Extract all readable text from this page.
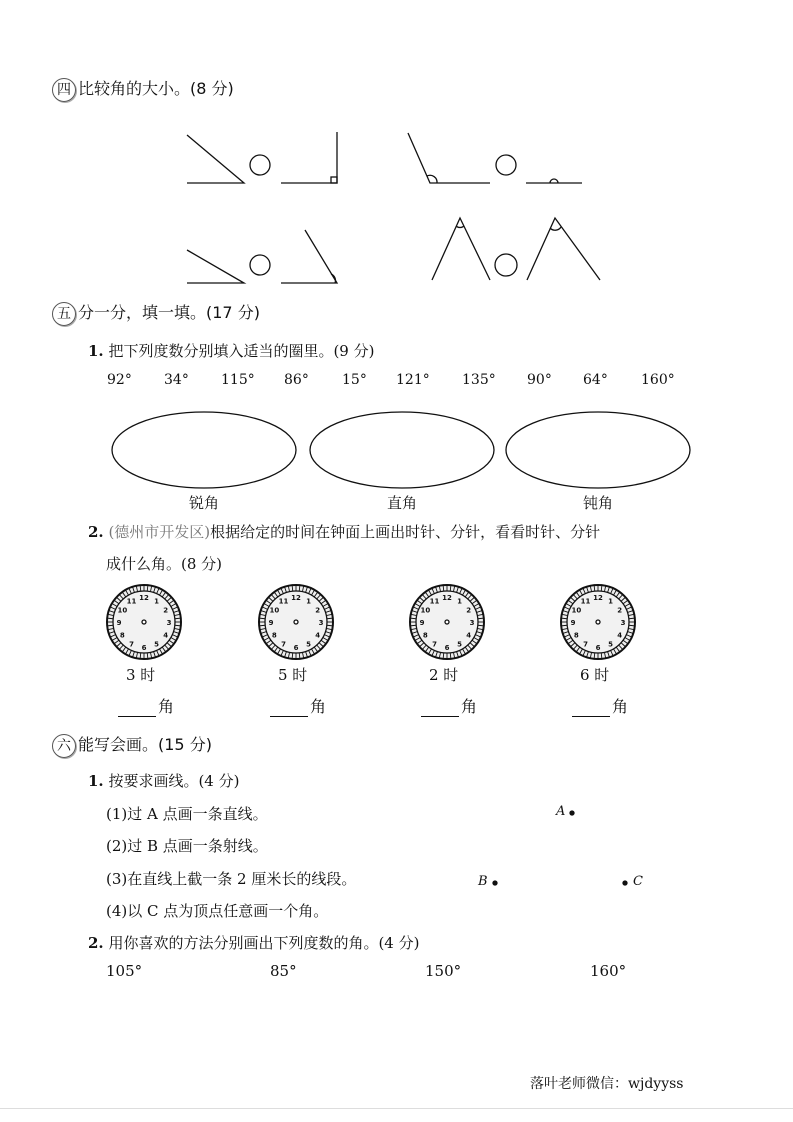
1
2
3
4
5
6
7
8
9
10
11 12	1
2
3
4
5
6
7
8
9
10
11 12	1
2
3
4
5
6
7
8
9
10
11 12	1
2
3
4
5
6
7
8
9
10
11 12
四 比较角的大小。(8 分)
五 分一分，填一填。(17 分)
1. 把下列度数分别填入适当的圈里。(9 分)
92° 34° 115° 86° 15° 121° 135° 90° 64° 160°
锐角	直角	钝角
2. (德州市开发区)根据给定的时间在钟面上画出时针、分针，看看时针、分针
成什么角。(8 分)
3 时
角
5 时
角
2 时
角
6 时
角
六 能写会画。(15 分)
1. 按要求画线。(4 分)
(1)过 A 点画一条直线。
(2)过 B 点画一条射线。
(3)在直线上截一条 2 厘米长的线段。
(4)以 C 点为顶点任意画一个角。
A
B	C
2. 用你喜欢的方法分别画出下列度数的角。(4 分)
105°	85°	150°	160°
落叶老师微信：wjdyyss
